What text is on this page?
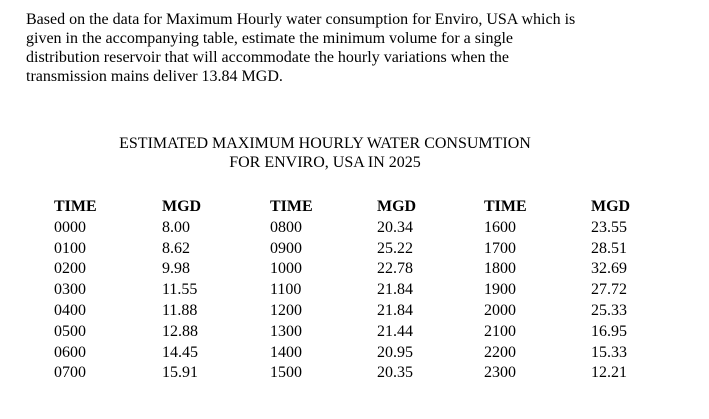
Based on the data for Maximum Hourly water consumption for Enviro, USA which is
given in the accompanying table, estimate the minimum volume for a single
distribution reservoir that will accommodate the hourly variations when the
transmission mains deliver 13.84 MGD.

ESTIMATED MAXIMUM HOURLY WATER CONSUMTION
FOR ENVIRO, USA IN 2025

TIME
0000
0100
0200
0300
0400
0500
0600
0700
MGD
8.00
8.62
9.98
11.55
11.88
12.88
14.45
15.91
TIME
0800
0900
1000
1100
1200
1300
1400
1500
MGD
20.34
25.22
22.78
21.84
21.84
21.44
20.95
20.35
TIME
1600
1700
1800
1900
2000
2100
2200
2300
MGD
23.55
28.51
32.69
27.72
25.33
16.95
15.33
12.21
